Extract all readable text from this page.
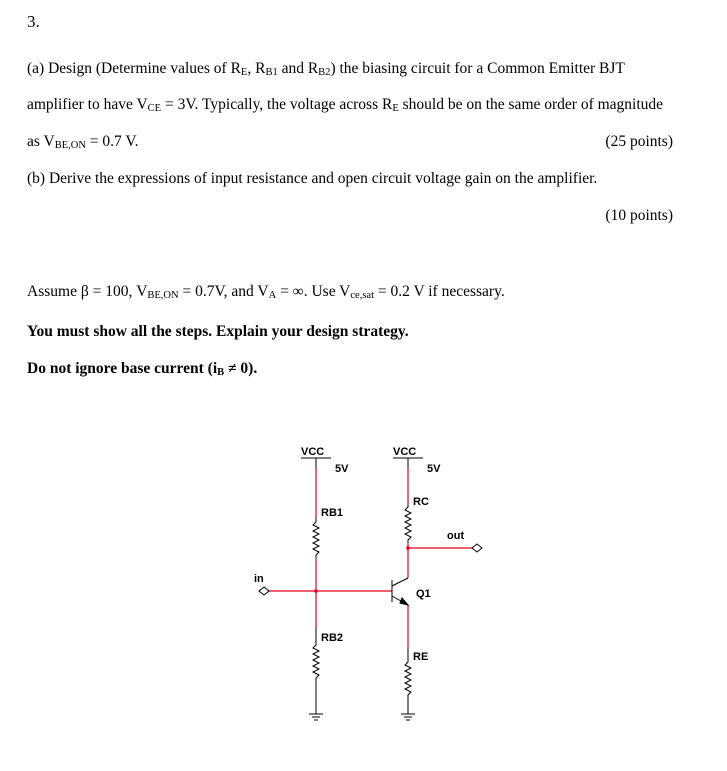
3.
(a) Design (Determine values of RE, RB1 and RB2) the biasing circuit for a Common Emitter BJT
amplifier to have VCE = 3V. Typically, the voltage across RE should be on the same order of magnitude
as VBE,ON = 0.7 V.	(25 points)
(b) Derive the expressions of input resistance and open circuit voltage gain on the amplifier.
(10 points)
Assume β = 100, VBE,ON = 0.7V, and VA = ∞. Use Vce,sat = 0.2 V if necessary.
You must show all the steps. Explain your design strategy.
Do not ignore base current (iB ≠ 0).
VCC
5V
VCC
5V
RB1
RB2
RC
RE
Q1
in
out
